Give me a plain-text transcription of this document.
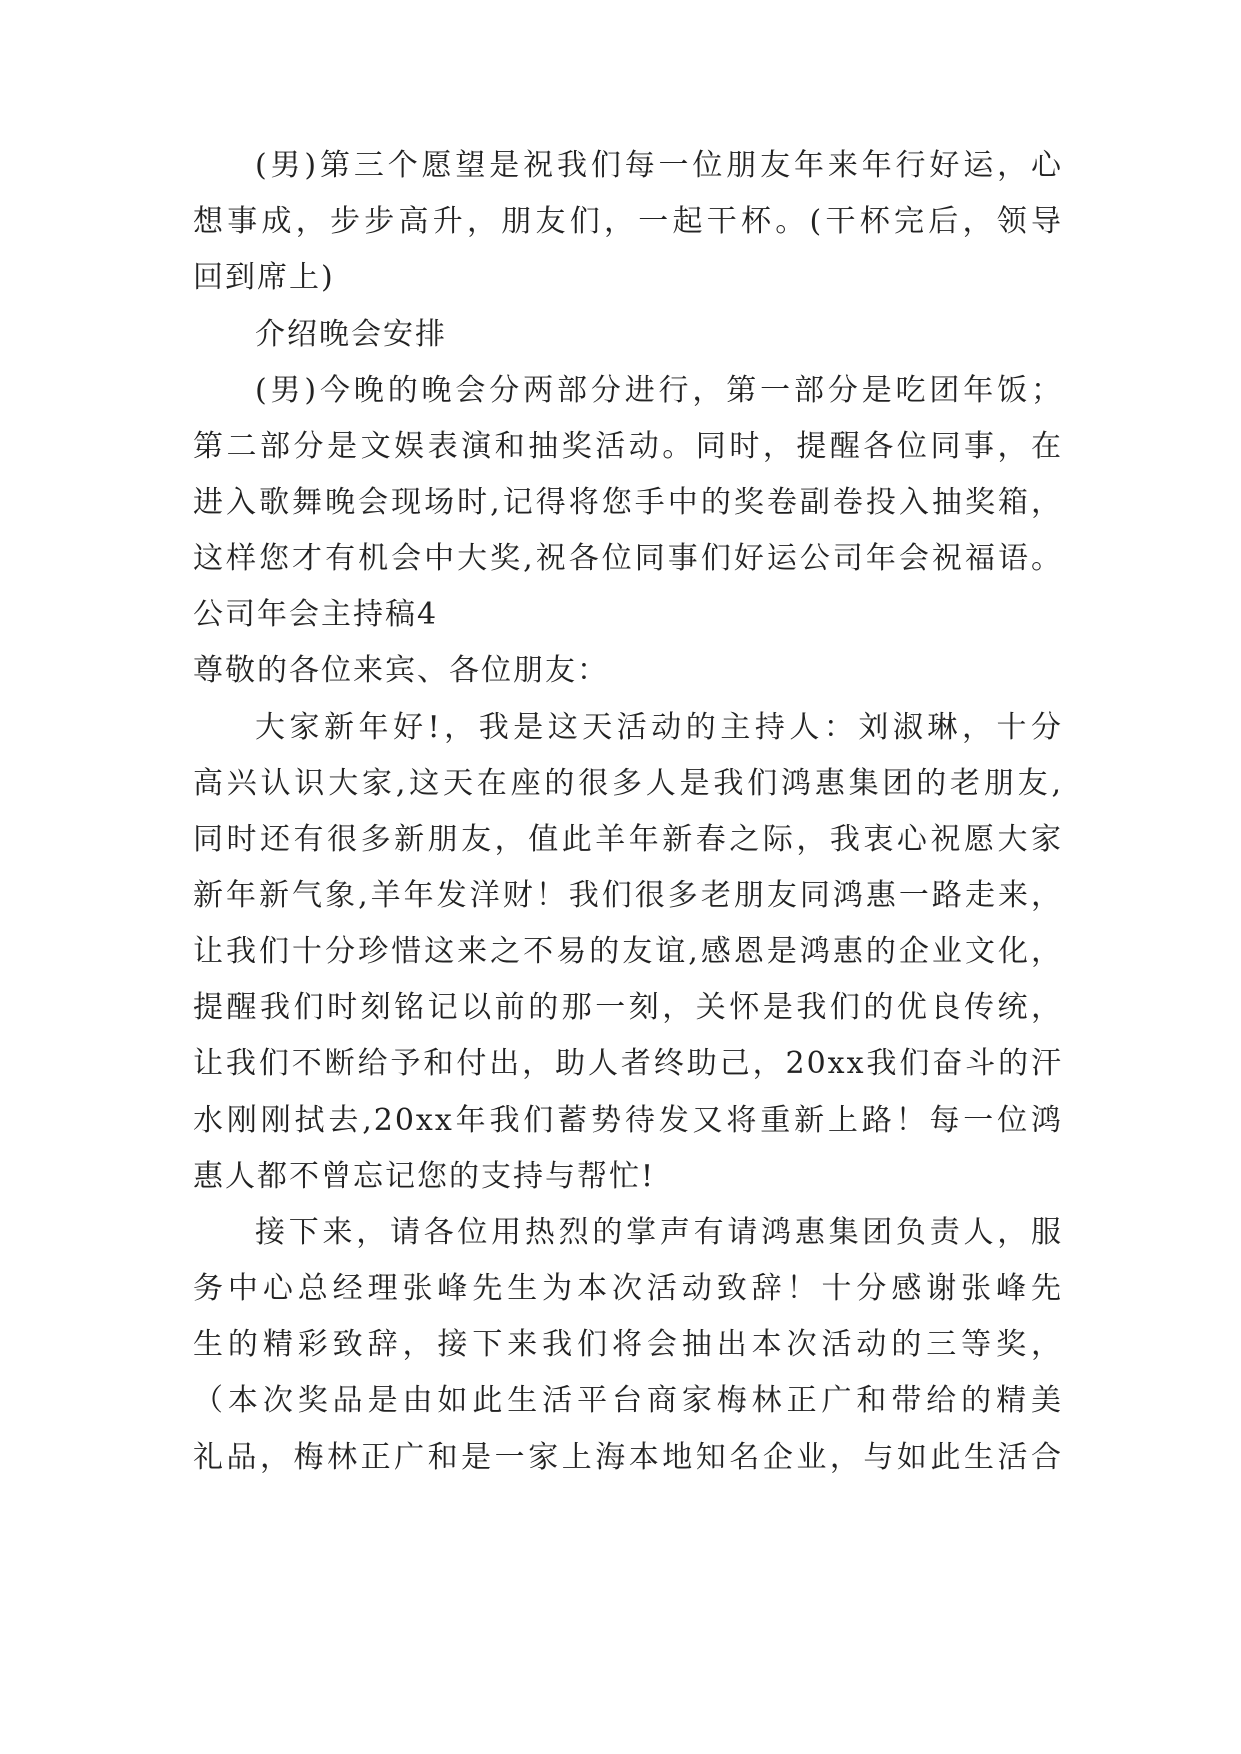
(男)第三个愿望是祝我们每一位朋友年来年行好运，心
想事成，步步高升，朋友们，一起干杯。(干杯完后，领导
回到席上)
介绍晚会安排
(男)今晚的晚会分两部分进行，第一部分是吃团年饭；
第二部分是文娱表演和抽奖活动。同时，提醒各位同事，在
进入歌舞晚会现场时,记得将您手中的奖卷副卷投入抽奖箱，
这样您才有机会中大奖,祝各位同事们好运公司年会祝福语。
公司年会主持稿4
尊敬的各位来宾、各位朋友：
大家新年好!，我是这天活动的主持人：刘淑琳，十分
高兴认识大家,这天在座的很多人是我们鸿惠集团的老朋友,
同时还有很多新朋友，值此羊年新春之际，我衷心祝愿大家
新年新气象,羊年发洋财！我们很多老朋友同鸿惠一路走来，
让我们十分珍惜这来之不易的友谊,感恩是鸿惠的企业文化，
提醒我们时刻铭记以前的那一刻，关怀是我们的优良传统，
让我们不断给予和付出，助人者终助己，20xx我们奋斗的汗
水刚刚拭去,20xx年我们蓄势待发又将重新上路！每一位鸿
惠人都不曾忘记您的支持与帮忙!
接下来，请各位用热烈的掌声有请鸿惠集团负责人，服
务中心总经理张峰先生为本次活动致辞！十分感谢张峰先
生的精彩致辞，接下来我们将会抽出本次活动的三等奖，
（本次奖品是由如此生活平台商家梅林正广和带给的精美
礼品，梅林正广和是一家上海本地知名企业，与如此生活合
